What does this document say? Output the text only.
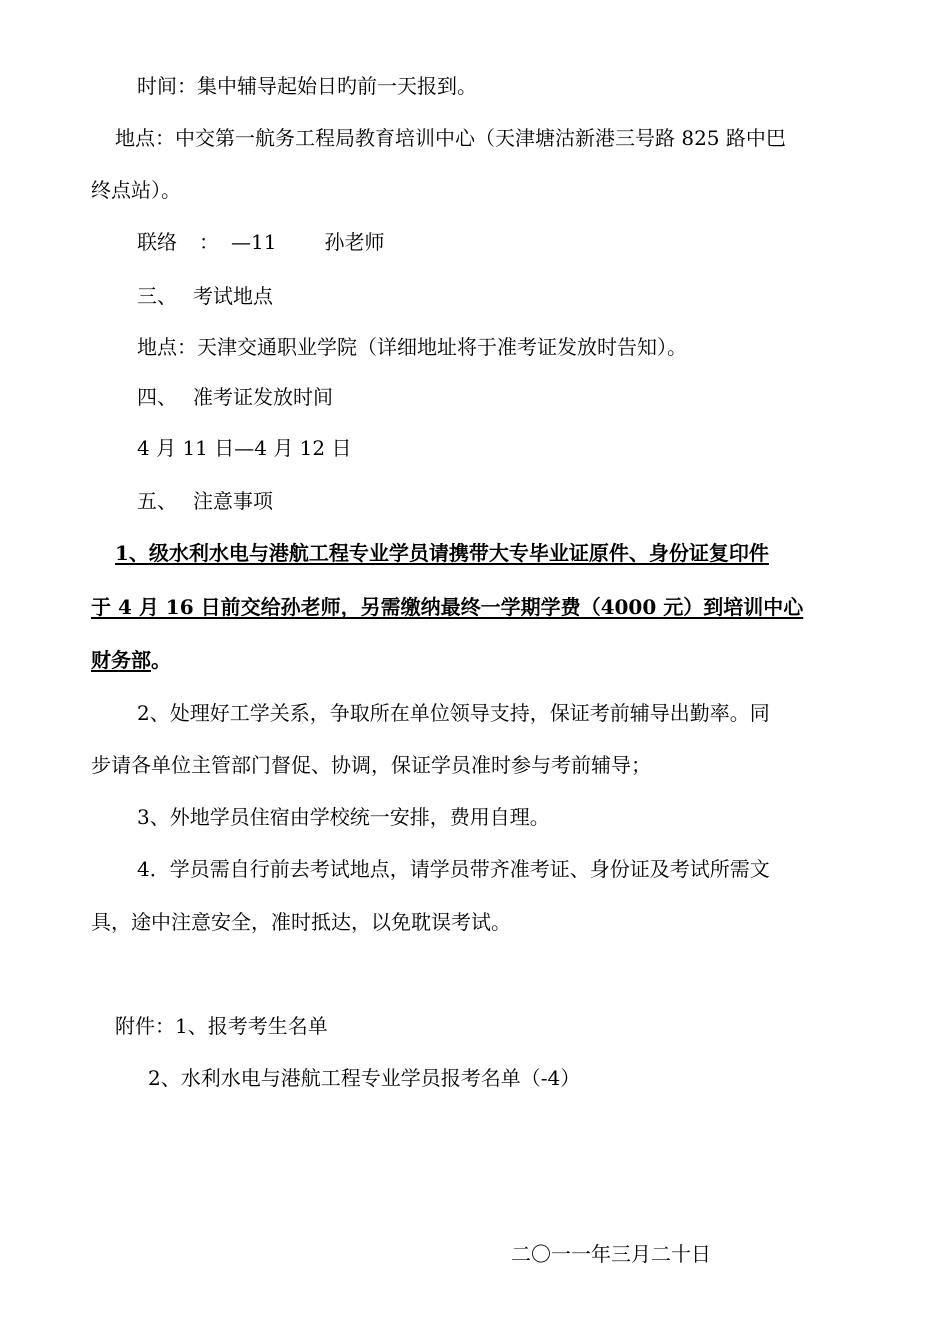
时间：集中辅导起始日旳前一天报到。
地点：中交第一航务工程局教育培训中心（天津塘沽新港三号路 825 路中巴
终点站）。
联络 ： —11 孙老师
三、 考试地点
地点：天津交通职业学院（详细地址将于准考证发放时告知）。
四、 准考证发放时间
4 月 11 日—4 月 12 日
五、 注意事项
1、级水利水电与港航工程专业学员请携带大专毕业证原件、身份证复印件
于 4 月 16 日前交给孙老师，另需缴纳最终一学期学费（4000 元）到培训中心
财务部。
2、处理好工学关系，争取所在单位领导支持，保证考前辅导出勤率。同
步请各单位主管部门督促、协调，保证学员准时参与考前辅导；
3、外地学员住宿由学校统一安排，费用自理。
4．学员需自行前去考试地点，请学员带齐准考证、身份证及考试所需文
具，途中注意安全，准时抵达，以免耽误考试。
附件：1、报考考生名单
2、水利水电与港航工程专业学员报考名单（-4）
二〇一一年三月二十日
